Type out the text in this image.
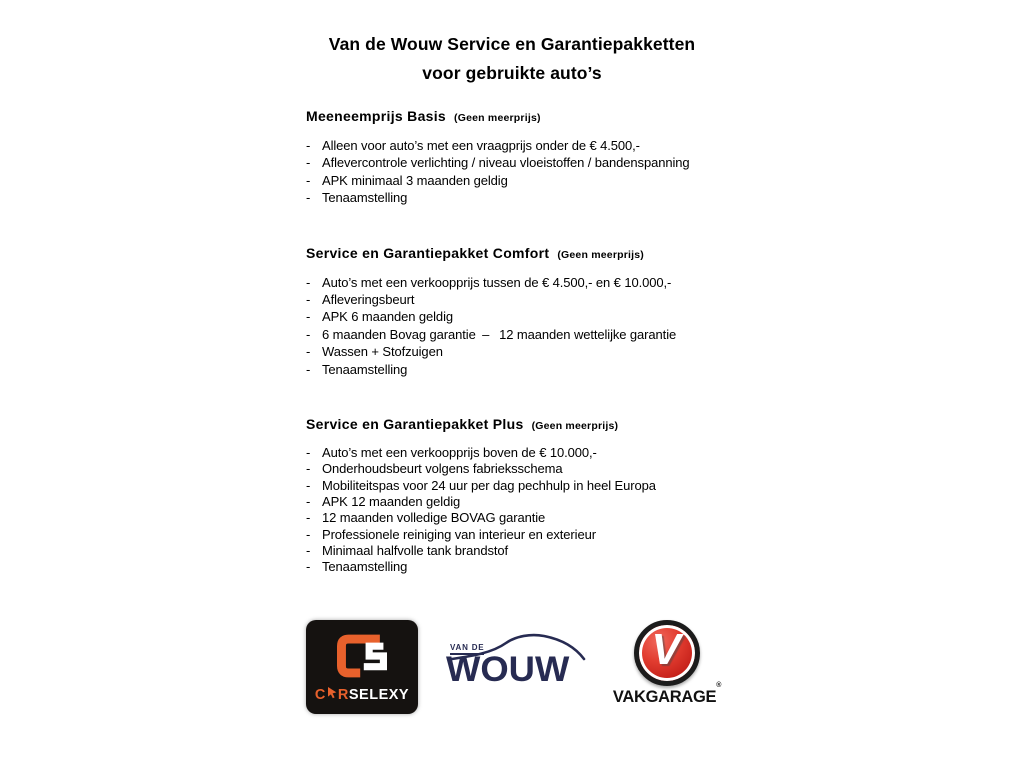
Van de Wouw Service en Garantiepakketten
voor gebruikte auto’s
Meeneemprijs Basis (Geen meerprijs)
- Alleen voor auto’s met een vraagprijs onder de € 4.500,-
- Aflevercontrole verlichting / niveau vloeistoffen / bandenspanning
- APK minimaal 3 maanden geldig
- Tenaamstelling
Service en Garantiepakket Comfort (Geen meerprijs)
- Auto’s met een verkoopprijs tussen de € 4.500,- en € 10.000,-
- Afleveringsbeurt
- APK 6 maanden geldig
- 6 maanden Bovag garantie –  12 maanden wettelijke garantie
- Wassen + Stofzuigen
- Tenaamstelling
Service en Garantiepakket Plus (Geen meerprijs)
- Auto’s met een verkoopprijs boven de € 10.000,-
- Onderhoudsbeurt volgens fabrieksschema
- Mobiliteitspas voor 24 uur per dag pechhulp in heel Europa
- APK 12 maanden geldig
- 12 maanden volledige BOVAG garantie
- Professionele reiniging van interieur en exterieur
- Minimaal halfvolle tank brandstof
- Tenaamstelling
C R SELEXY
VAN DE
WOUW V
VAKGARAGE®
